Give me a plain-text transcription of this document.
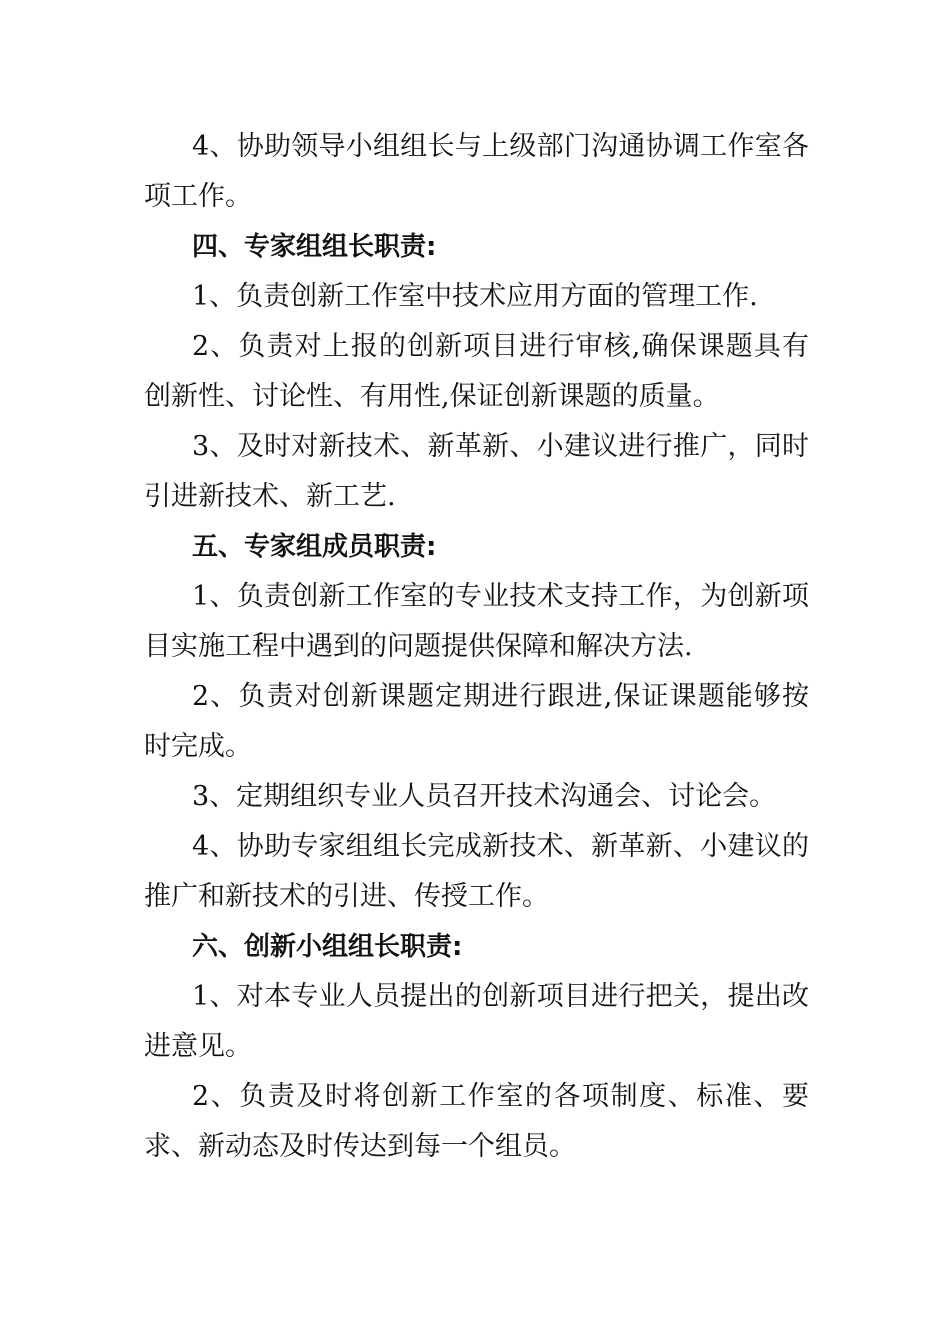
4、协助领导小组组长与上级部门沟通协调工作室各项工作。

四、专家组组长职责:

1、负责创新工作室中技术应用方面的管理工作.

2、负责对上报的创新项目进行审核,确保课题具有创新性、讨论性、有用性,保证创新课题的质量。

3、及时对新技术、新革新、小建议进行推广，同时引进新技术、新工艺.

五、专家组成员职责:

1、负责创新工作室的专业技术支持工作，为创新项目实施工程中遇到的问题提供保障和解决方法.

2、负责对创新课题定期进行跟进,保证课题能够按时完成。

3、定期组织专业人员召开技术沟通会、讨论会。

4、协助专家组组长完成新技术、新革新、小建议的推广和新技术的引进、传授工作。

六、创新小组组长职责:

1、对本专业人员提出的创新项目进行把关，提出改进意见。

2、负责及时将创新工作室的各项制度、标准、要求、新动态及时传达到每一个组员。
